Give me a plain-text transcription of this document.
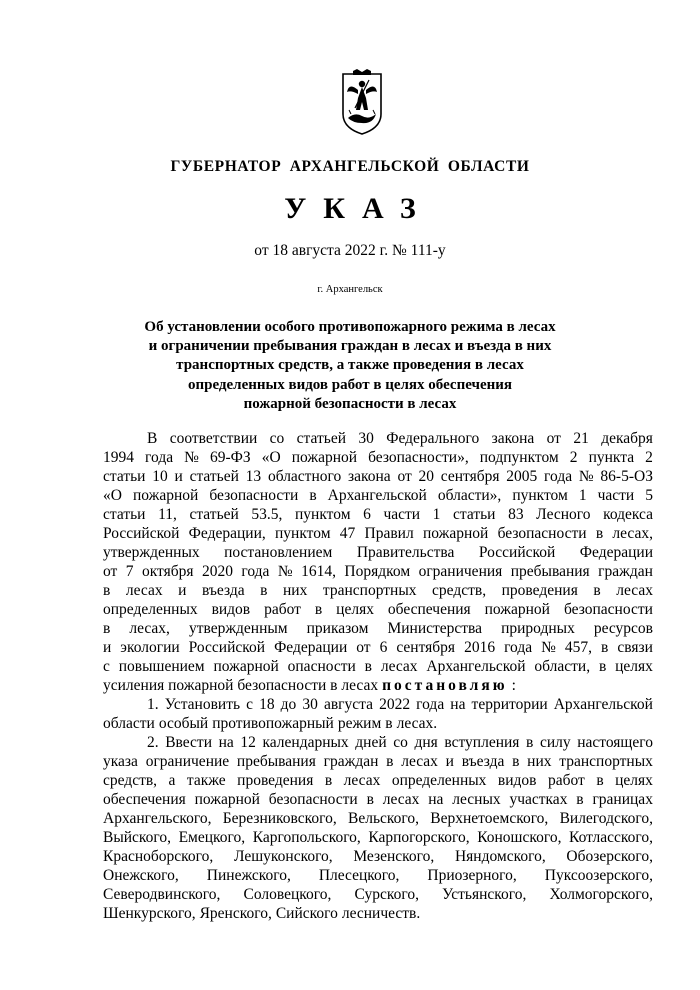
ГУБЕРНАТОР АРХАНГЕЛЬСКОЙ ОБЛАСТИ
УКАЗ
от 18 августа 2022 г. № 111-у
г. Архангельск
Об установлении особого противопожарного режима в лесах
и ограничении пребывания граждан в лесах и въезда в них
транспортных средств, а также проведения в лесах
определенных видов работ в целях обеспечения
пожарной безопасности в лесах
В соответствии со статьей 30 Федерального закона от 21 декабря
1994 года № 69-ФЗ «О пожарной безопасности», подпунктом 2 пункта 2
статьи 10 и статьей 13 областного закона от 20 сентября 2005 года № 86-5-ОЗ
«О пожарной безопасности в Архангельской области», пунктом 1 части 5
статьи 11, статьей 53.5, пунктом 6 части 1 статьи 83 Лесного кодекса
Российской Федерации, пунктом 47 Правил пожарной безопасности в лесах,
утвержденных постановлением Правительства Российской Федерации
от 7 октября 2020 года № 1614, Порядком ограничения пребывания граждан
в лесах и въезда в них транспортных средств, проведения в лесах
определенных видов работ в целях обеспечения пожарной безопасности
в лесах, утвержденным приказом Министерства природных ресурсов
и экологии Российской Федерации от 6 сентября 2016 года № 457, в связи
с повышением пожарной опасности в лесах Архангельской области, в целях
усиления пожарной безопасности в лесах постановляю :
1. Установить с 18 до 30 августа 2022 года на территории Архангельской
области особый противопожарный режим в лесах.
2. Ввести на 12 календарных дней со дня вступления в силу настоящего
указа ограничение пребывания граждан в лесах и въезда в них транспортных
средств, а также проведения в лесах определенных видов работ в целях
обеспечения пожарной безопасности в лесах на лесных участках в границах
Архангельского, Березниковского, Вельского, Верхнетоемского, Вилегодского,
Выйского, Емецкого, Каргопольского, Карпогорского, Коношского, Котласского,
Красноборского, Лешуконского, Мезенского, Няндомского, Обозерского,
Онежского, Пинежского, Плесецкого, Приозерного, Пуксоозерского,
Северодвинского, Соловецкого, Сурского, Устьянского, Холмогорского,
Шенкурского, Яренского, Сийского лесничеств.
